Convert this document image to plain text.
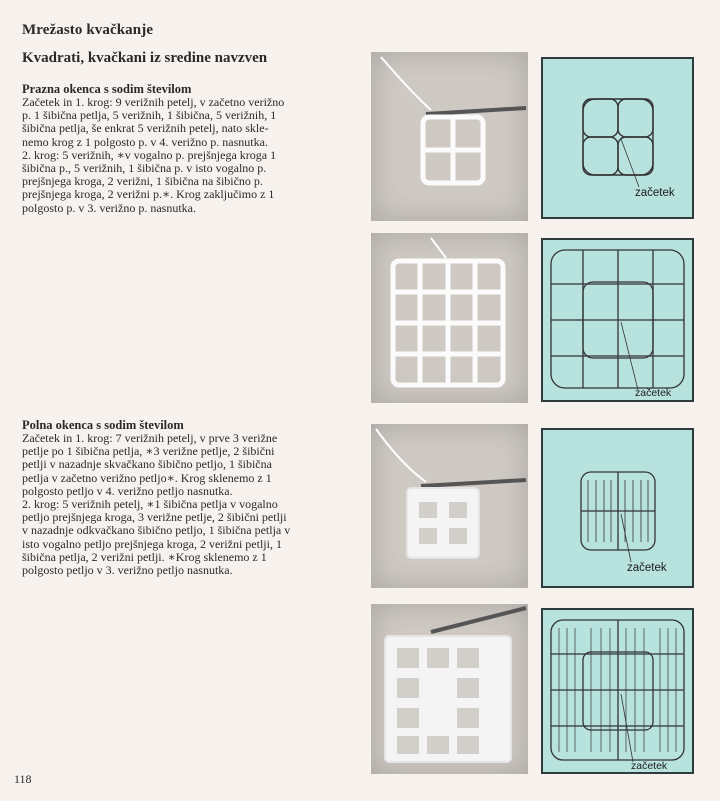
Mrežasto kvačkanje
Kvadrati, kvačkani iz sredine navzven
Prazna okenca s sodim številom
Začetek in 1. krog: 9 verižnih petelj, v začetno verižno
p. 1 šibična petlja, 5 verižnih, 1 šibična, 5 verižnih, 1
šibična petlja, še enkrat 5 verižnih petelj, nato skle-
nemo krog z 1 polgosto p. v 4. verižno p. nasnutka.
2. krog: 5 verižnih, ∗v vogalno p. prejšnjega kroga 1
šibična p., 5 verižnih, 1 šibična p. v isto vogalno p.
prejšnjega kroga, 2 verižni, 1 šibična na šibično p.
prejšnjega kroga, 2 verižni p.∗. Krog zaključimo z 1
polgosto p. v 3. verižno p. nasnutka.
Polna okenca s sodim številom
Začetek in 1. krog: 7 verižnih petelj, v prve 3 verižne
petlje po 1 šibična petlja, ∗3 verižne petlje, 2 šibični
petlji v nazadnje skvačkano šibično petljo, 1 šibična
petlja v začetno verižno petljo∗. Krog sklenemo z 1
polgosto petljo v 4. verižno petljo nasnutka.
2. krog: 5 verižnih petelj, ∗1 šibična petlja v vogalno
petljo prejšnjega kroga, 3 verižne petlje, 2 šibični petlji
v nazadnje odkvačkano šibično petljo, 1 šibična petlja v
isto vogalno petljo prejšnjega kroga, 2 verižni petlji, 1
šibična petlja, 2 verižni petlji. ∗Krog sklenemo z 1
polgosto petljo v 3. verižno petljo nasnutka.
začetek
začetek
začetek
začetek
118
